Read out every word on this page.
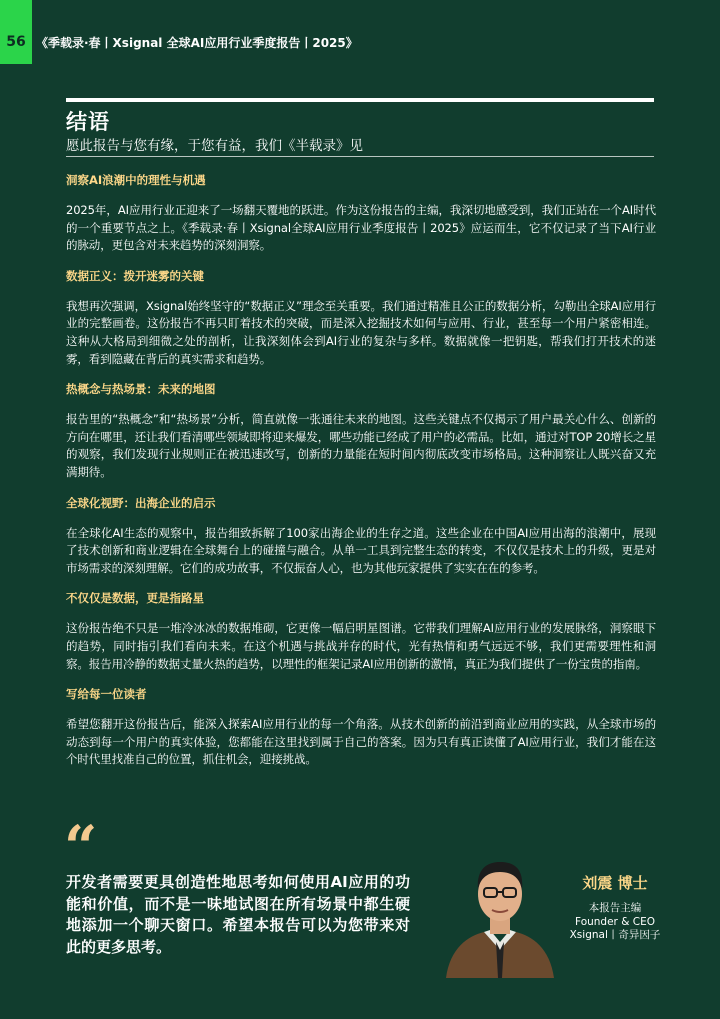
56 《季载录·春丨Xsignal 全球AI应用行业季度报告丨2025》
结语
愿此报告与您有缘，于您有益，我们《半载录》见
洞察AI浪潮中的理性与机遇

2025年，AI应用行业正迎来了一场翻天覆地的跃进。作为这份报告的主编，我深切地感受到，我们正站在一个AI时代的一个重要节点之上。《季载录·春丨Xsignal全球AI应用行业季度报告丨2025》应运而生，它不仅记录了当下AI行业的脉动，更包含对未来趋势的深刻洞察。

数据正义：拨开迷雾的关键

我想再次强调，Xsignal始终坚守的“数据正义”理念至关重要。我们通过精准且公正的数据分析，勾勒出全球AI应用行业的完整画卷。这份报告不再只盯着技术的突破，而是深入挖掘技术如何与应用、行业，甚至每一个用户紧密相连。这种从大格局到细微之处的剖析，让我深刻体会到AI行业的复杂与多样。数据就像一把钥匙，帮我们打开技术的迷雾，看到隐藏在背后的真实需求和趋势。

热概念与热场景：未来的地图

报告里的“热概念”和“热场景”分析，简直就像一张通往未来的地图。这些关键点不仅揭示了用户最关心什么、创新的方向在哪里，还让我们看清哪些领域即将迎来爆发，哪些功能已经成了用户的必需品。比如，通过对TOP 20增长之星的观察，我们发现行业规则正在被迅速改写，创新的力量能在短时间内彻底改变市场格局。这种洞察让人既兴奋又充满期待。

全球化视野：出海企业的启示

在全球化AI生态的观察中，报告细致拆解了100家出海企业的生存之道。这些企业在中国AI应用出海的浪潮中，展现了技术创新和商业逻辑在全球舞台上的碰撞与融合。从单一工具到完整生态的转变，不仅仅是技术上的升级，更是对市场需求的深刻理解。它们的成功故事，不仅振奋人心，也为其他玩家提供了实实在在的参考。

不仅仅是数据，更是指路星

这份报告绝不只是一堆冷冰冰的数据堆砌，它更像一幅启明星图谱。它带我们理解AI应用行业的发展脉络，洞察眼下的趋势，同时指引我们看向未来。在这个机遇与挑战并存的时代，光有热情和勇气远远不够，我们更需要理性和洞察。报告用冷静的数据丈量火热的趋势，以理性的框架记录AI应用创新的激情，真正为我们提供了一份宝贵的指南。

写给每一位读者

希望您翻开这份报告后，能深入探索AI应用行业的每一个角落。从技术创新的前沿到商业应用的实践，从全球市场的动态到每一个用户的真实体验，您都能在这里找到属于自己的答案。因为只有真正读懂了AI应用行业，我们才能在这个时代里找准自己的位置，抓住机会，迎接挑战。

“
开发者需要更具创造性地思考如何使用AI应用的功能和价值，而不是一味地试图在所有场景中都生硬地添加一个聊天窗口。希望本报告可以为您带来对此的更多思考。
刘震 博士
本报告主编
Founder & CEO
Xsignal丨奇异因子
